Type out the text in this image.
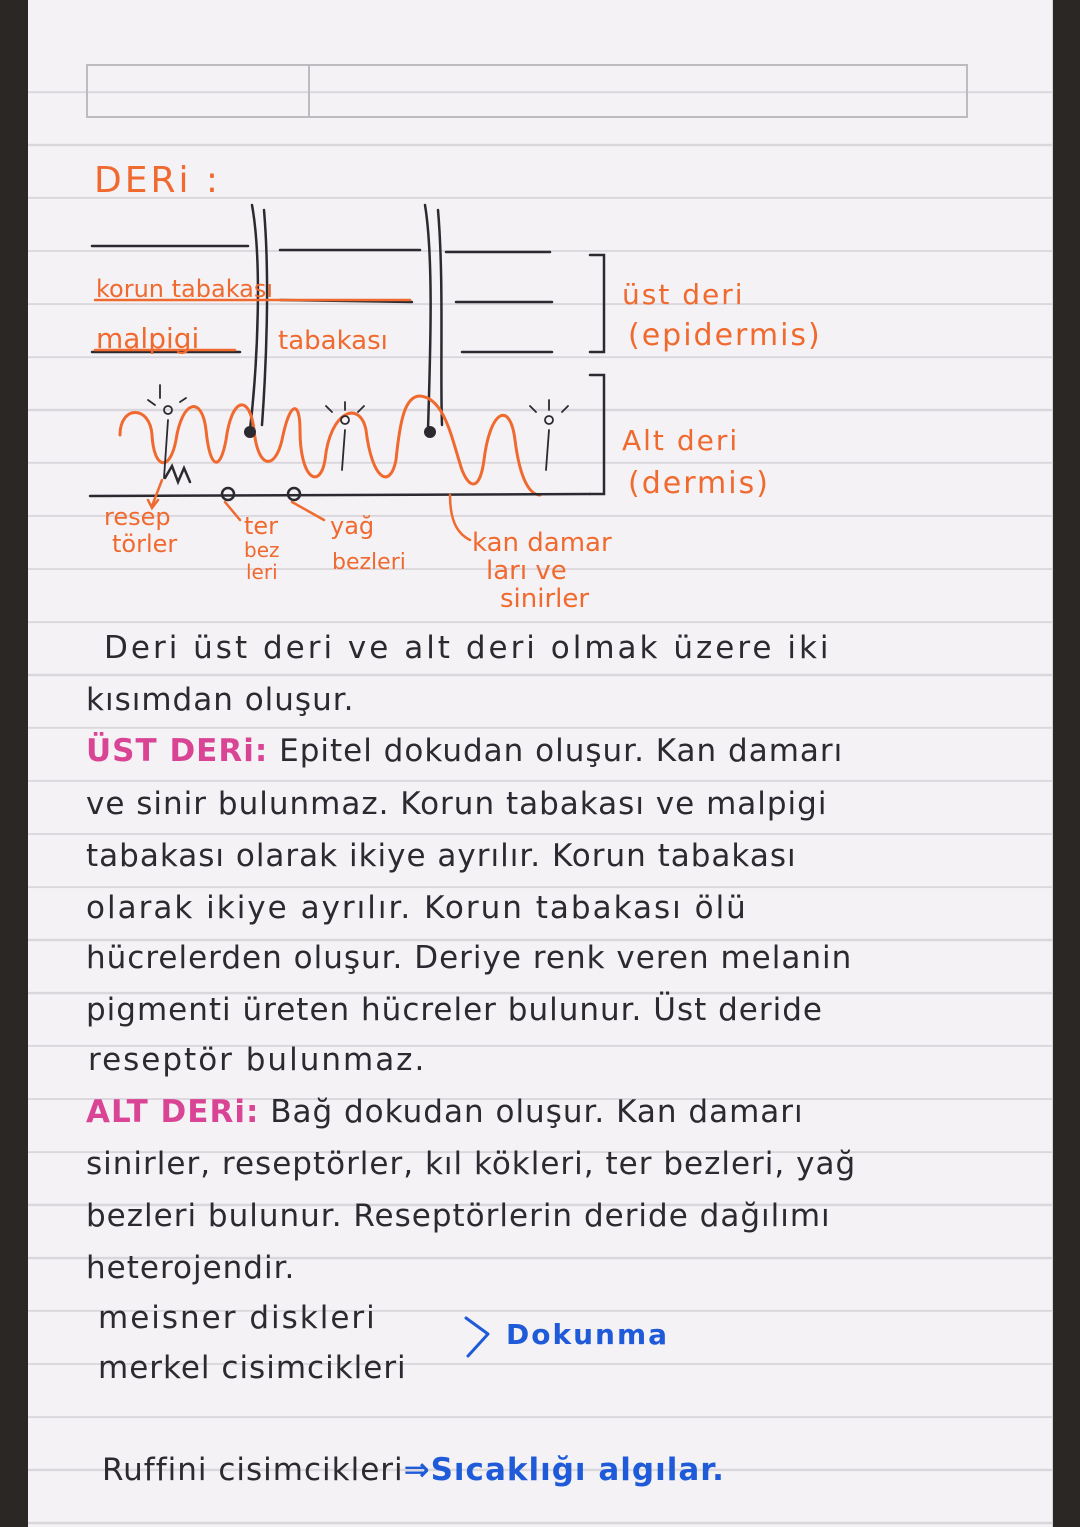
DERi :
korun tabakası
malpigi	tabakası
üst deri
(epidermis)
Alt deri
(dermis)
resep
törler
ter
bez
leri
yağ
bezleri
kan damar
ları ve
sinirler
Deri üst deri ve alt deri olmak üzere iki
kısımdan oluşur.
ÜST DERi: Epitel dokudan oluşur. Kan damarı
ve sinir bulunmaz. Korun tabakası ve malpigi
tabakası olarak ikiye ayrılır. Korun tabakası
olarak ikiye ayrılır. Korun tabakası ölü
hücrelerden oluşur. Deriye renk veren melanin
pigmenti üreten hücreler bulunur. Üst deride
reseptör bulunmaz.
ALT DERi: Bağ dokudan oluşur. Kan damarı
sinirler, reseptörler, kıl kökleri, ter bezleri, yağ
bezleri bulunur. Reseptörlerin deride dağılımı
heterojendir.
meisner diskleri
merkel cisimcikleri
Dokunma
Ruffini cisimcikleri⇒Sıcaklığı algılar.
